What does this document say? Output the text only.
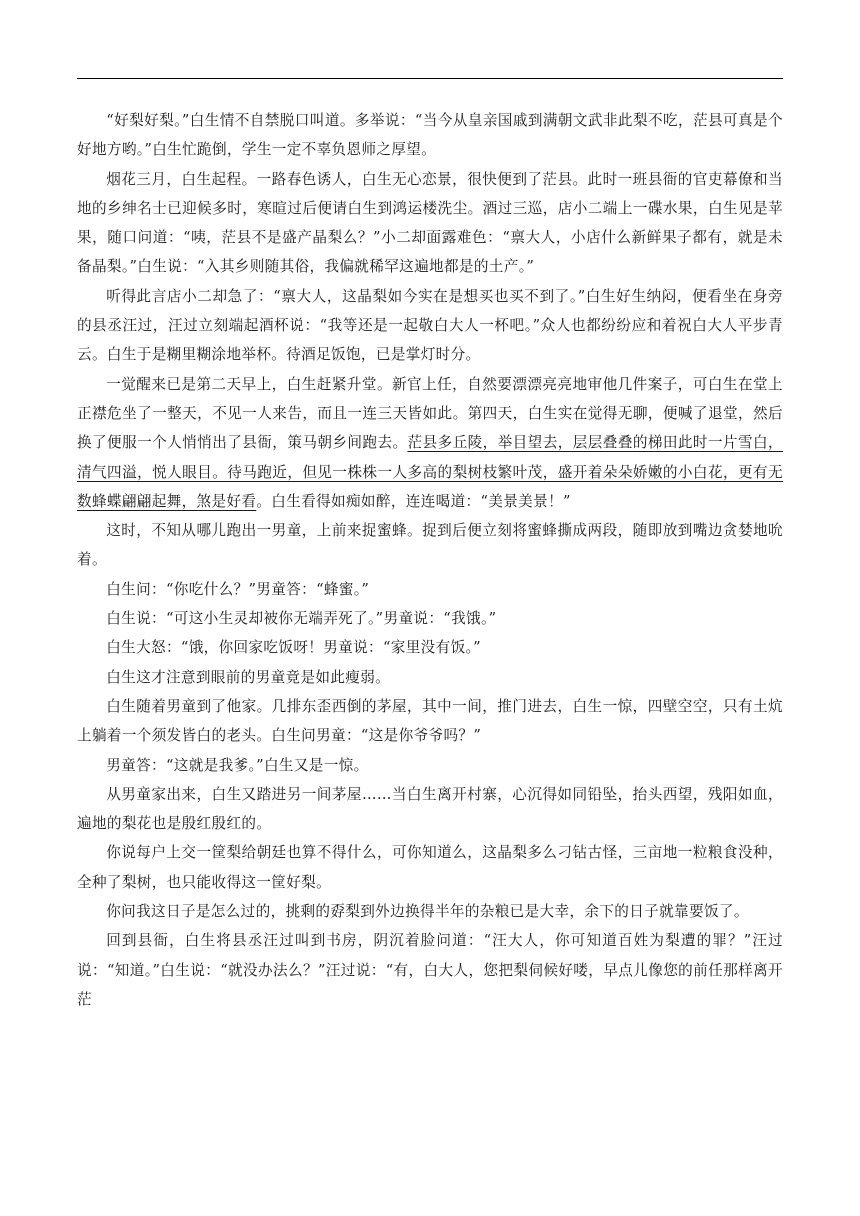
“好梨好梨。”白生情不自禁脱口叫道。多举说：“当今从皇亲国戚到满朝文武非此梨不吃，茫县可真是个好地方哟。”白生忙跪倒，学生一定不辜负恩师之厚望。

烟花三月，白生起程。一路春色诱人，白生无心恋景，很快便到了茫县。此时一班县衙的官吏幕僚和当地的乡绅名士已迎候多时，寒暄过后便请白生到鸿运楼洗尘。酒过三巡，店小二端上一碟水果，白生见是苹果，随口问道：“咦，茫县不是盛产晶梨么？”小二却面露难色：“禀大人，小店什么新鲜果子都有，就是未备晶梨。”白生说：“入其乡则随其俗，我偏就稀罕这遍地都是的土产。”

听得此言店小二却急了：“禀大人，这晶梨如今实在是想买也买不到了。”白生好生纳闷，便看坐在身旁的县丞汪过，汪过立刻端起酒杯说：“我等还是一起敬白大人一杯吧。”众人也都纷纷应和着祝白大人平步青云。白生于是糊里糊涂地举杯。待酒足饭饱，已是掌灯时分。

一觉醒来已是第二天早上，白生赶紧升堂。新官上任，自然要漂漂亮亮地审他几件案子，可白生在堂上正襟危坐了一整天，不见一人来告，而且一连三天皆如此。第四天，白生实在觉得无聊，便喊了退堂，然后换了便服一个人悄悄出了县衙，策马朝乡间跑去。茫县多丘陵，举目望去，层层叠叠的梯田此时一片雪白，清气四溢，悦人眼目。待马跑近，但见一株株一人多高的梨树枝繁叶茂，盛开着朵朵娇嫩的小白花，更有无数蜂蝶翩翩起舞，煞是好看。白生看得如痴如醉，连连喝道：“美景美景！”

这时，不知从哪儿跑出一男童，上前来捉蜜蜂。捉到后便立刻将蜜蜂撕成两段，随即放到嘴边贪婪地吮着。

白生问：“你吃什么？”男童答：“蜂蜜。”

白生说：“可这小生灵却被你无端弄死了。”男童说：“我饿。”

白生大怒：“饿，你回家吃饭呀！男童说：“家里没有饭。”

白生这才注意到眼前的男童竟是如此瘦弱。

白生随着男童到了他家。几排东歪西倒的茅屋，其中一间，推门进去，白生一惊，四壁空空，只有土炕上躺着一个须发皆白的老头。白生问男童：“这是你爷爷吗？”

男童答：“这就是我爹。”白生又是一惊。

从男童家出来，白生又踏进另一间茅屋……当白生离开村寨，心沉得如同铅坠，抬头西望，残阳如血，遍地的梨花也是殷红殷红的。

你说每户上交一筐梨给朝廷也算不得什么，可你知道么，这晶梨多么刁钻古怪，三亩地一粒粮食没种，全种了梨树，也只能收得这一筐好梨。

你问我这日子是怎么过的，挑剩的孬梨到外边换得半年的杂粮已是大幸，余下的日子就靠要饭了。

回到县衙，白生将县丞汪过叫到书房，阴沉着脸问道：“汪大人，你可知道百姓为梨遭的罪？”汪过说：“知道。”白生说：“就没办法么？”汪过说：“有，白大人，您把梨伺候好喽，早点儿像您的前任那样离开茫
